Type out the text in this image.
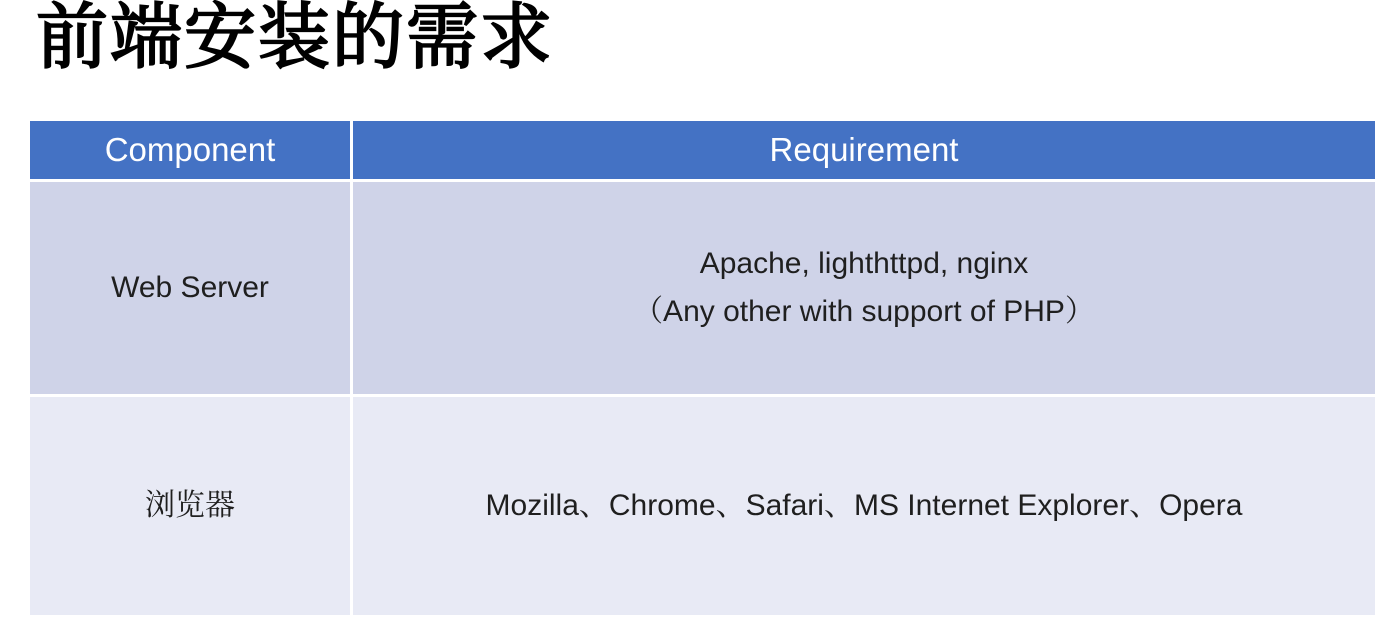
前端安装的需求
Component	Requirement
Web Server	Apache, lighthttpd, nginx
（Any other with support of PHP）

浏览器	Mozilla、Chrome、Safari、MS Internet Explorer、Opera
